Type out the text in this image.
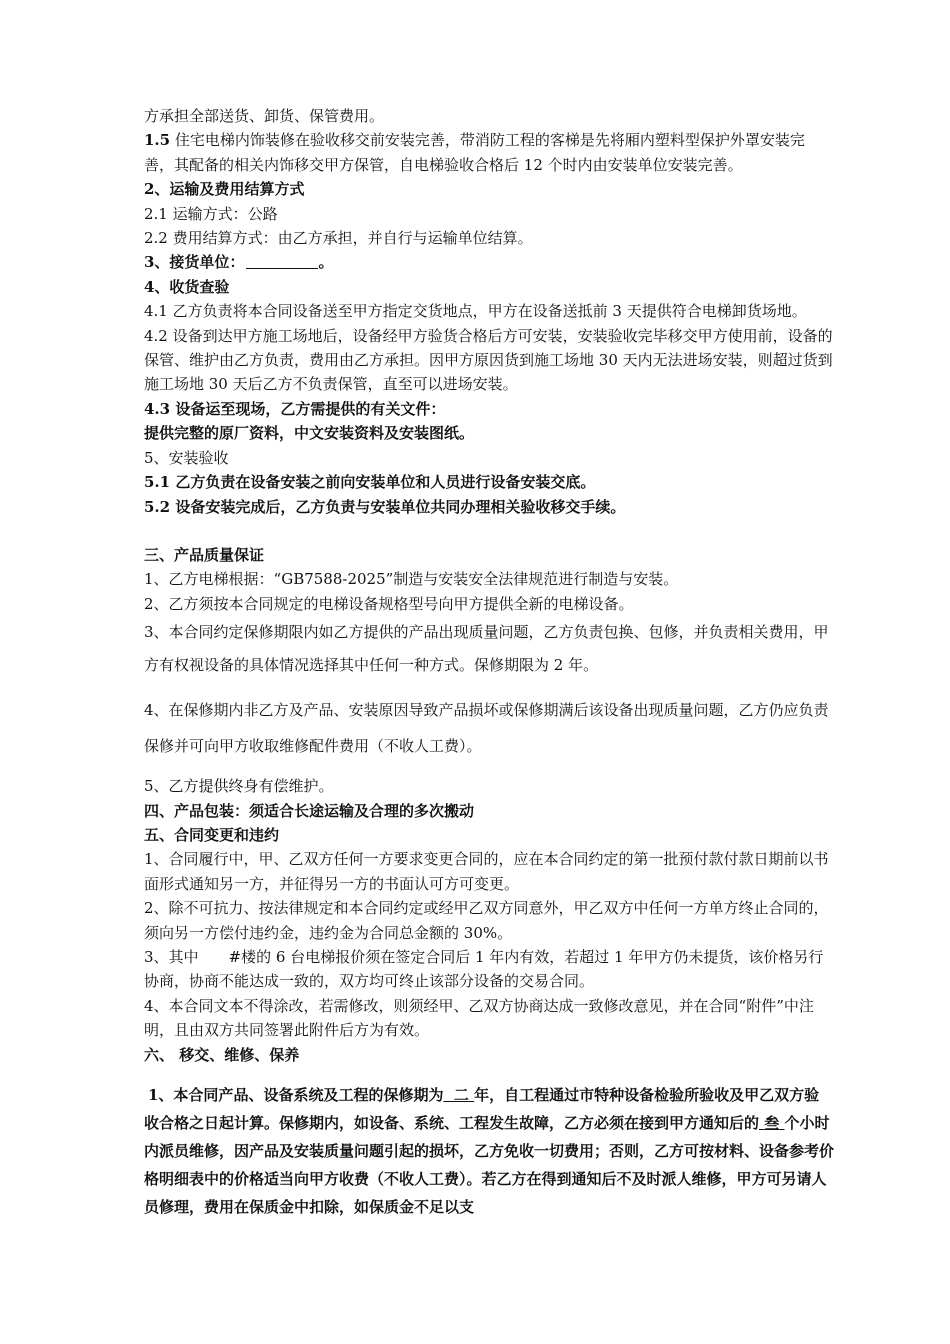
方承担全部送货、卸货、保管费用。

1.5 住宅电梯内饰装修在验收移交前安装完善，带消防工程的客梯是先将厢内塑料型保护外罩安装完善，其配备的相关内饰移交甲方保管，自电梯验收合格后 12 个时内由安装单位安装完善。

2、运输及费用结算方式

2.1 运输方式：公路

2.2 费用结算方式：由乙方承担，并自行与运输单位结算。

3、接货单位：	。

4、收货查验

4.1 乙方负责将本合同设备送至甲方指定交货地点，甲方在设备送抵前 3 天提供符合电梯卸货场地。

4.2 设备到达甲方施工场地后，设备经甲方验货合格后方可安装，安装验收完毕移交甲方使用前，设备的保管、维护由乙方负责，费用由乙方承担。因甲方原因货到施工场地 30 天内无法进场安装，则超过货到施工场地 30 天后乙方不负责保管，直至可以进场安装。

4.3 设备运至现场，乙方需提供的有关文件：

提供完整的原厂资料，中文安装资料及安装图纸。

5、安装验收

5.1 乙方负责在设备安装之前向安装单位和人员进行设备安装交底。

5.2 设备安装完成后，乙方负责与安装单位共同办理相关验收移交手续。

三、产品质量保证

1、乙方电梯根据：“GB7588-2025”制造与安装安全法律规范进行制造与安装。

2、乙方须按本合同规定的电梯设备规格型号向甲方提供全新的电梯设备。

3、本合同约定保修期限内如乙方提供的产品出现质量问题，乙方负责包换、包修，并负责相关费用，甲方有权视设备的具体情况选择其中任何一种方式。保修期限为 2 年。

4、在保修期内非乙方及产品、安装原因导致产品损坏或保修期满后该设备出现质量问题，乙方仍应负责保修并可向甲方收取维修配件费用（不收人工费）。

5、乙方提供终身有偿维护。

四、产品包装：须适合长途运输及合理的多次搬动

五、合同变更和违约

1、合同履行中，甲、乙双方任何一方要求变更合同的，应在本合同约定的第一批预付款付款日期前以书面形式通知另一方，并征得另一方的书面认可方可变更。

2、除不可抗力、按法律规定和本合同约定或经甲乙双方同意外，甲乙双方中任何一方单方终止合同的，须向另一方偿付违约金，违约金为合同总金额的 30%。

3、其中 #楼的 6 台电梯报价须在签定合同后 1 年内有效，若超过 1 年甲方仍未提货，该价格另行协商，协商不能达成一致的，双方均可终止该部分设备的交易合同。

4、本合同文本不得涂改，若需修改，则须经甲、乙双方协商达成一致修改意见，并在合同“附件”中注明，且由双方共同签署此附件后方为有效。

六、 移交、维修、保养

1、本合同产品、设备系统及工程的保修期为 二 年，自工程通过市特种设备检验所验收及甲乙双方验收合格之日起计算。保修期内，如设备、系统、工程发生故障，乙方必须在接到甲方通知后的 叁 个小时内派员维修，因产品及安装质量问题引起的损坏，乙方免收一切费用；否则，乙方可按材料、设备参考价格明细表中的价格适当向甲方收费（不收人工费）。若乙方在得到通知后不及时派人维修，甲方可另请人员修理，费用在保质金中扣除，如保质金不足以支
